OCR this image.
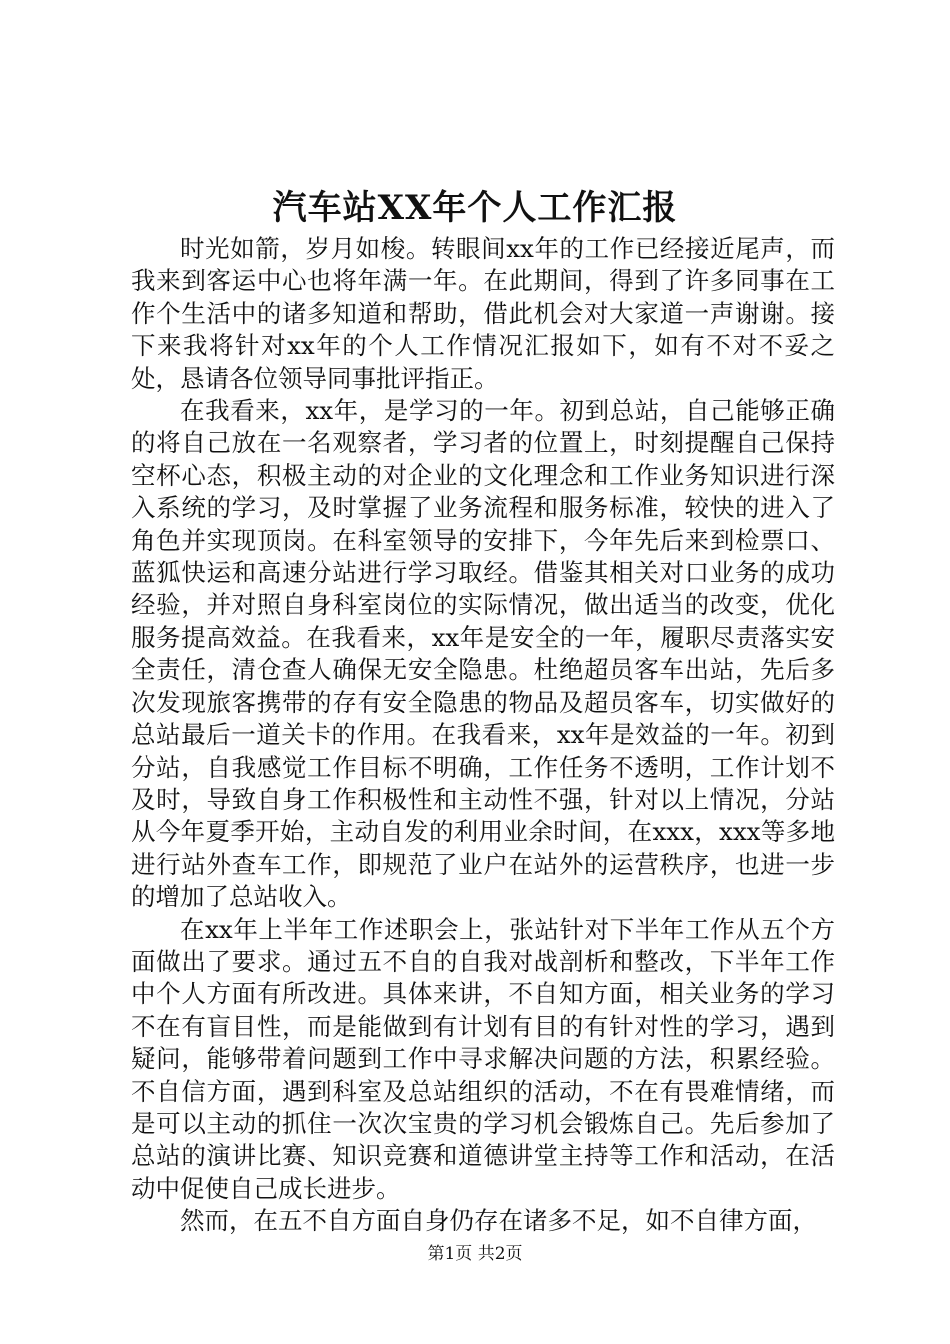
汽车站XX年个人工作汇报

时光如箭，岁月如梭。转眼间xx年的工作已经接近尾声，而我来到客运中心也将年满一年。在此期间，得到了许多同事在工作个生活中的诸多知道和帮助，借此机会对大家道一声谢谢。接下来我将针对xx年的个人工作情况汇报如下，如有不对不妥之处，恳请各位领导同事批评指正。

在我看来，xx年，是学习的一年。初到总站，自己能够正确的将自己放在一名观察者，学习者的位置上，时刻提醒自己保持空杯心态，积极主动的对企业的文化理念和工作业务知识进行深入系统的学习，及时掌握了业务流程和服务标准，较快的进入了角色并实现顶岗。在科室领导的安排下，今年先后来到检票口、蓝狐快运和高速分站进行学习取经。借鉴其相关对口业务的成功经验，并对照自身科室岗位的实际情况，做出适当的改变，优化服务提高效益。在我看来，xx年是安全的一年，履职尽责落实安全责任，清仓查人确保无安全隐患。杜绝超员客车出站，先后多次发现旅客携带的存有安全隐患的物品及超员客车，切实做好的总站最后一道关卡的作用。在我看来，xx年是效益的一年。初到分站，自我感觉工作目标不明确，工作任务不透明，工作计划不及时，导致自身工作积极性和主动性不强，针对以上情况，分站从今年夏季开始，主动自发的利用业余时间，在xxx，xxx等多地进行站外查车工作，即规范了业户在站外的运营秩序，也进一步的增加了总站收入。

在xx年上半年工作述职会上，张站针对下半年工作从五个方面做出了要求。通过五不自的自我对战剖析和整改，下半年工作中个人方面有所改进。具体来讲，不自知方面，相关业务的学习不在有盲目性，而是能做到有计划有目的有针对性的学习，遇到疑问，能够带着问题到工作中寻求解决问题的方法，积累经验。不自信方面，遇到科室及总站组织的活动，不在有畏难情绪，而是可以主动的抓住一次次宝贵的学习机会锻炼自己。先后参加了总站的演讲比赛、知识竞赛和道德讲堂主持等工作和活动，在活动中促使自己成长进步。

然而，在五不自方面自身仍存在诸多不足，如不自律方面，

第1页 共2页
